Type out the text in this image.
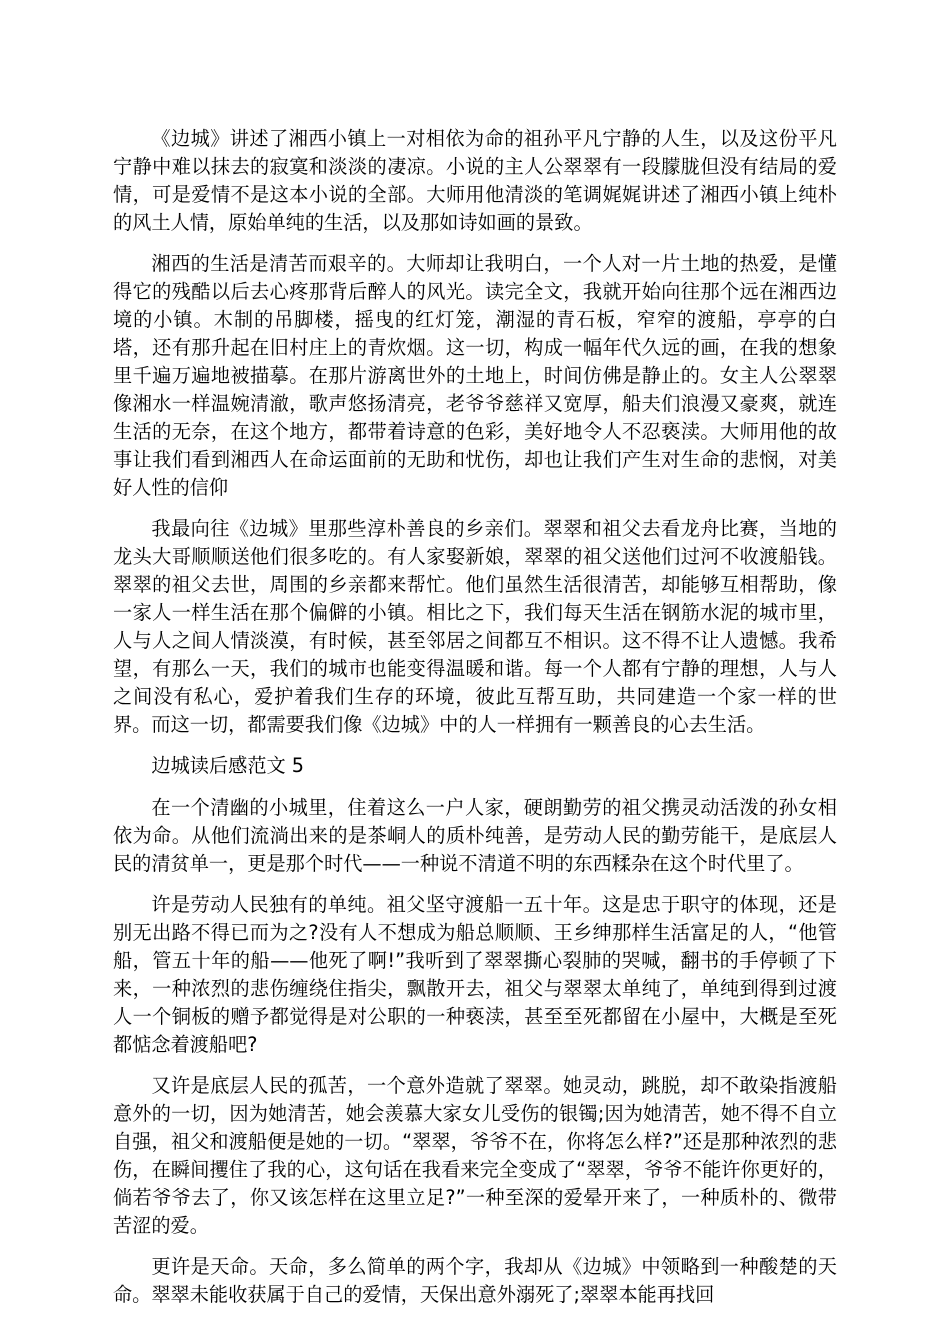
《边城》讲述了湘西小镇上一对相依为命的祖孙平凡宁静的人生，以及这份平凡宁静中难以抹去的寂寞和淡淡的凄凉。小说的主人公翠翠有一段朦胧但没有结局的爱情，可是爱情不是这本小说的全部。大师用他清淡的笔调娓娓讲述了湘西小镇上纯朴的风土人情，原始单纯的生活，以及那如诗如画的景致。

湘西的生活是清苦而艰辛的。大师却让我明白，一个人对一片土地的热爱，是懂得它的残酷以后去心疼那背后醉人的风光。读完全文，我就开始向往那个远在湘西边境的小镇。木制的吊脚楼，摇曳的红灯笼，潮湿的青石板，窄窄的渡船，亭亭的白塔，还有那升起在旧村庄上的青炊烟。这一切，构成一幅年代久远的画，在我的想象里千遍万遍地被描摹。在那片游离世外的土地上，时间仿佛是静止的。女主人公翠翠像湘水一样温婉清澈，歌声悠扬清亮，老爷爷慈祥又宽厚，船夫们浪漫又豪爽，就连生活的无奈，在这个地方，都带着诗意的色彩，美好地令人不忍亵渎。大师用他的故事让我们看到湘西人在命运面前的无助和忧伤，却也让我们产生对生命的悲悯，对美好人性的信仰

我最向往《边城》里那些淳朴善良的乡亲们。翠翠和祖父去看龙舟比赛，当地的龙头大哥顺顺送他们很多吃的。有人家娶新娘，翠翠的祖父送他们过河不收渡船钱。翠翠的祖父去世，周围的乡亲都来帮忙。他们虽然生活很清苦，却能够互相帮助，像一家人一样生活在那个偏僻的小镇。相比之下，我们每天生活在钢筋水泥的城市里，人与人之间人情淡漠，有时候，甚至邻居之间都互不相识。这不得不让人遗憾。我希望，有那么一天，我们的城市也能变得温暖和谐。每一个人都有宁静的理想，人与人之间没有私心，爱护着我们生存的环境，彼此互帮互助，共同建造一个家一样的世界。而这一切，都需要我们像《边城》中的人一样拥有一颗善良的心去生活。

边城读后感范文 5

在一个清幽的小城里，住着这么一户人家，硬朗勤劳的祖父携灵动活泼的孙女相依为命。从他们流淌出来的是茶峒人的质朴纯善，是劳动人民的勤劳能干，是底层人民的清贫单一，更是那个时代——一种说不清道不明的东西糅杂在这个时代里了。

许是劳动人民独有的单纯。祖父坚守渡船一五十年。这是忠于职守的体现，还是别无出路不得已而为之?没有人不想成为船总顺顺、王乡绅那样生活富足的人，“他管船，管五十年的船——他死了啊!”我听到了翠翠撕心裂肺的哭喊，翻书的手停顿了下来，一种浓烈的悲伤缠绕住指尖，飘散开去，祖父与翠翠太单纯了，单纯到得到过渡人一个铜板的赠予都觉得是对公职的一种亵渎，甚至至死都留在小屋中，大概是至死都惦念着渡船吧?

又许是底层人民的孤苦，一个意外造就了翠翠。她灵动，跳脱，却不敢染指渡船意外的一切，因为她清苦，她会羡慕大家女儿受伤的银镯;因为她清苦，她不得不自立自强，祖父和渡船便是她的一切。“翠翠，爷爷不在，你将怎么样?”还是那种浓烈的悲伤，在瞬间攫住了我的心，这句话在我看来完全变成了“翠翠，爷爷不能许你更好的，倘若爷爷去了，你又该怎样在这里立足?”一种至深的爱晕开来了，一种质朴的、微带苦涩的爱。

更许是天命。天命，多么简单的两个字，我却从《边城》中领略到一种酸楚的天命。翠翠未能收获属于自己的爱情，天保出意外溺死了;翠翠本能再找回
